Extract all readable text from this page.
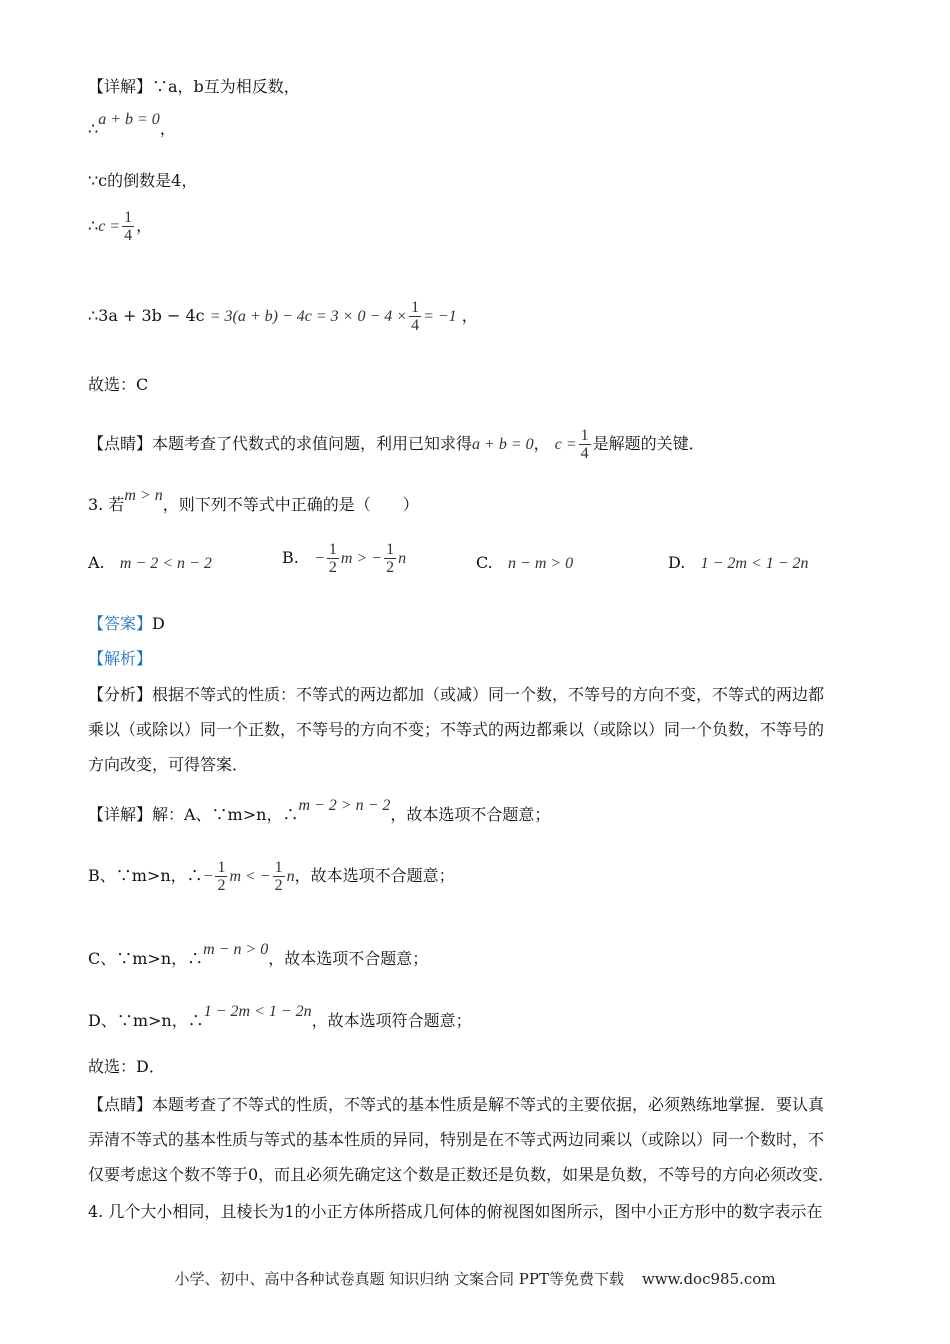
【详解】∵a，b互为相反数，
∴a + b = 0，
∵c的倒数是4，
∴c = $\frac{1}{4}$ ，
∴3a + $3b - 4c = 3(a + b) - 4c = 3 \times 0 - 4 \times \frac{1}{4} = -1$ ，
故选：C
【点睛】本题考查了代数式的求值问题，利用已知求得a + b = 0， $c = \frac{1}{4}$ 是解题的关键．
3. 若m > n，则下列不等式中正确的是（　　）
A. m − 2 < n − 2	B. − $\frac{1}{2}$ m > − $\frac{1}{2}$ n	C. n − m > 0	D. 1 − 2m < 1 − 2n
【答案】D
【解析】
【分析】根据不等式的性质：不等式的两边都加（或减）同一个数，不等号的方向不变，不等式的两边都
乘以（或除以）同一个正数，不等号的方向不变；不等式的两边都乘以（或除以）同一个负数，不等号的
方向改变，可得答案．
【详解】解：A、∵m>n，∴m − 2 > n − 2，故本选项不合题意；
B、∵m>n，∴− $\frac{1}{2}$ m < − $\frac{1}{2}$ n，故本选项不合题意；
C、∵m>n，∴m − n > 0，故本选项不合题意；
D、∵m>n，∴1 − 2m < 1 − 2n，故本选项符合题意；
故选：D．
【点睛】本题考查了不等式的性质，不等式的基本性质是解不等式的主要依据，必须熟练地掌握．要认真
弄清不等式的基本性质与等式的基本性质的异同，特别是在不等式两边同乘以（或除以）同一个数时，不
仅要考虑这个数不等于0，而且必须先确定这个数是正数还是负数，如果是负数，不等号的方向必须改变．
4. 几个大小相同，且棱长为1的小正方体所搭成几何体的俯视图如图所示，图中小正方形中的数字表示在
小学、初中、高中各种试卷真题 知识归纳 文案合同 PPT等免费下载 www.doc985.com
